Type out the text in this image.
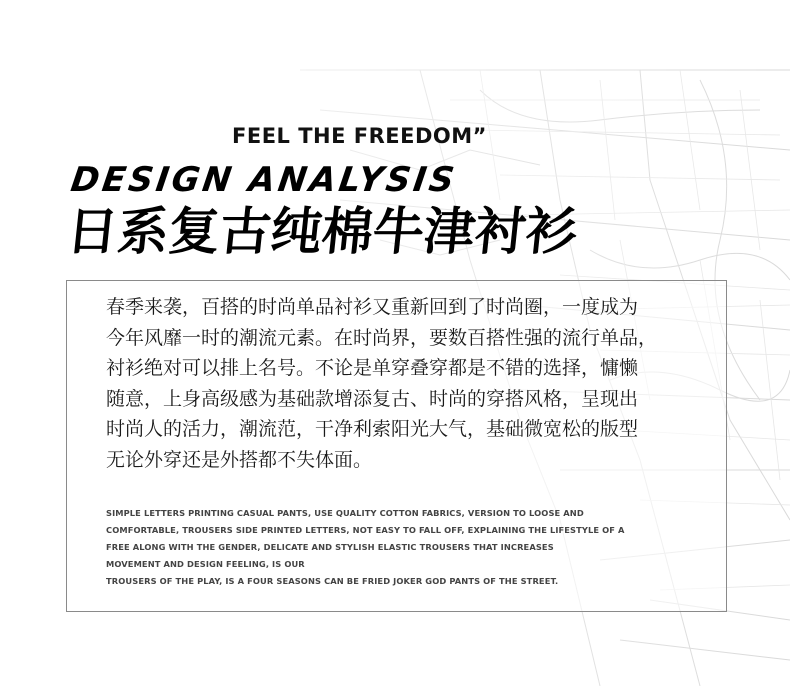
FEEL THE FREEDOM”
DESIGN ANALYSIS
日系复古纯棉牛津衬衫
春季来袭，百搭的时尚单品衬衫又重新回到了时尚圈，一度成为
今年风靡一时的潮流元素。在时尚界，要数百搭性强的流行单品，
衬衫绝对可以排上名号。不论是单穿叠穿都是不错的选择，慵懒
随意，上身高级感为基础款增添复古、时尚的穿搭风格，呈现出
时尚人的活力，潮流范，干净利索阳光大气，基础微宽松的版型
无论外穿还是外搭都不失体面。
SIMPLE LETTERS PRINTING CASUAL PANTS, USE QUALITY COTTON FABRICS, VERSION TO LOOSE AND
COMFORTABLE, TROUSERS SIDE PRINTED LETTERS, NOT EASY TO FALL OFF, EXPLAINING THE LIFESTYLE OF A
FREE ALONG WITH THE GENDER, DELICATE AND STYLISH ELASTIC TROUSERS THAT INCREASES
MOVEMENT AND DESIGN FEELING, IS OUR
TROUSERS OF THE PLAY, IS A FOUR SEASONS CAN BE FRIED JOKER GOD PANTS OF THE STREET.
